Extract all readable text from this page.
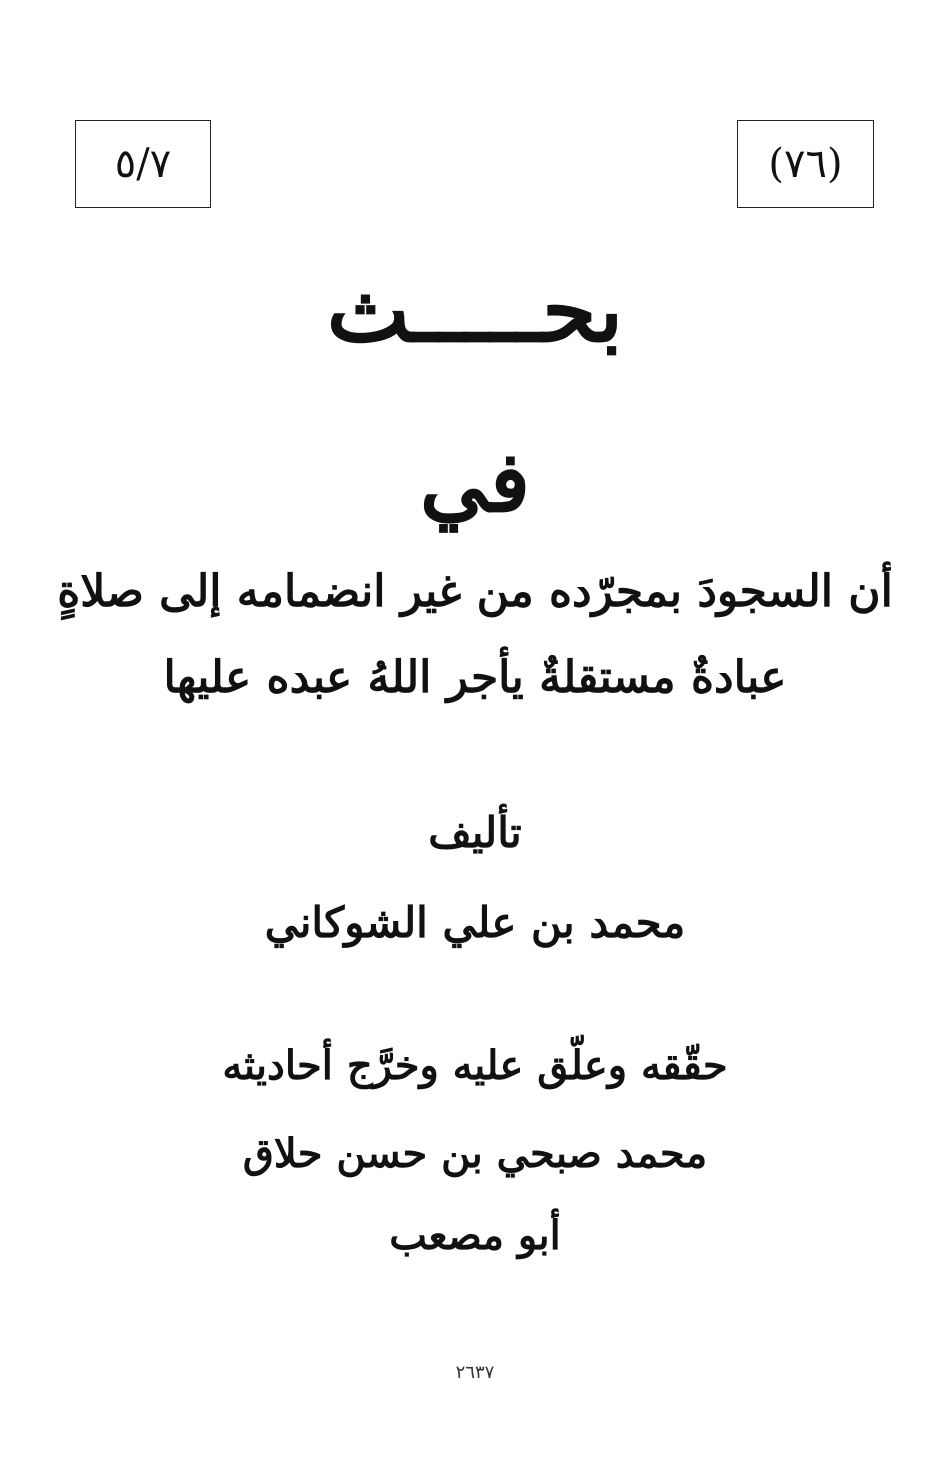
٥/٧	(٧٦)
بحـــــث
في
أن السجودَ بمجرّده من غير انضمامه إلى صلاةٍ
عبادةٌ مستقلةٌ يأجر اللهُ عبده عليها
تأليف
محمد بن علي الشوكاني
حقّقه وعلّق عليه وخرَّج أحاديثه
محمد صبحي بن حسن حلاق
أبو مصعب
٢٦٣٧
